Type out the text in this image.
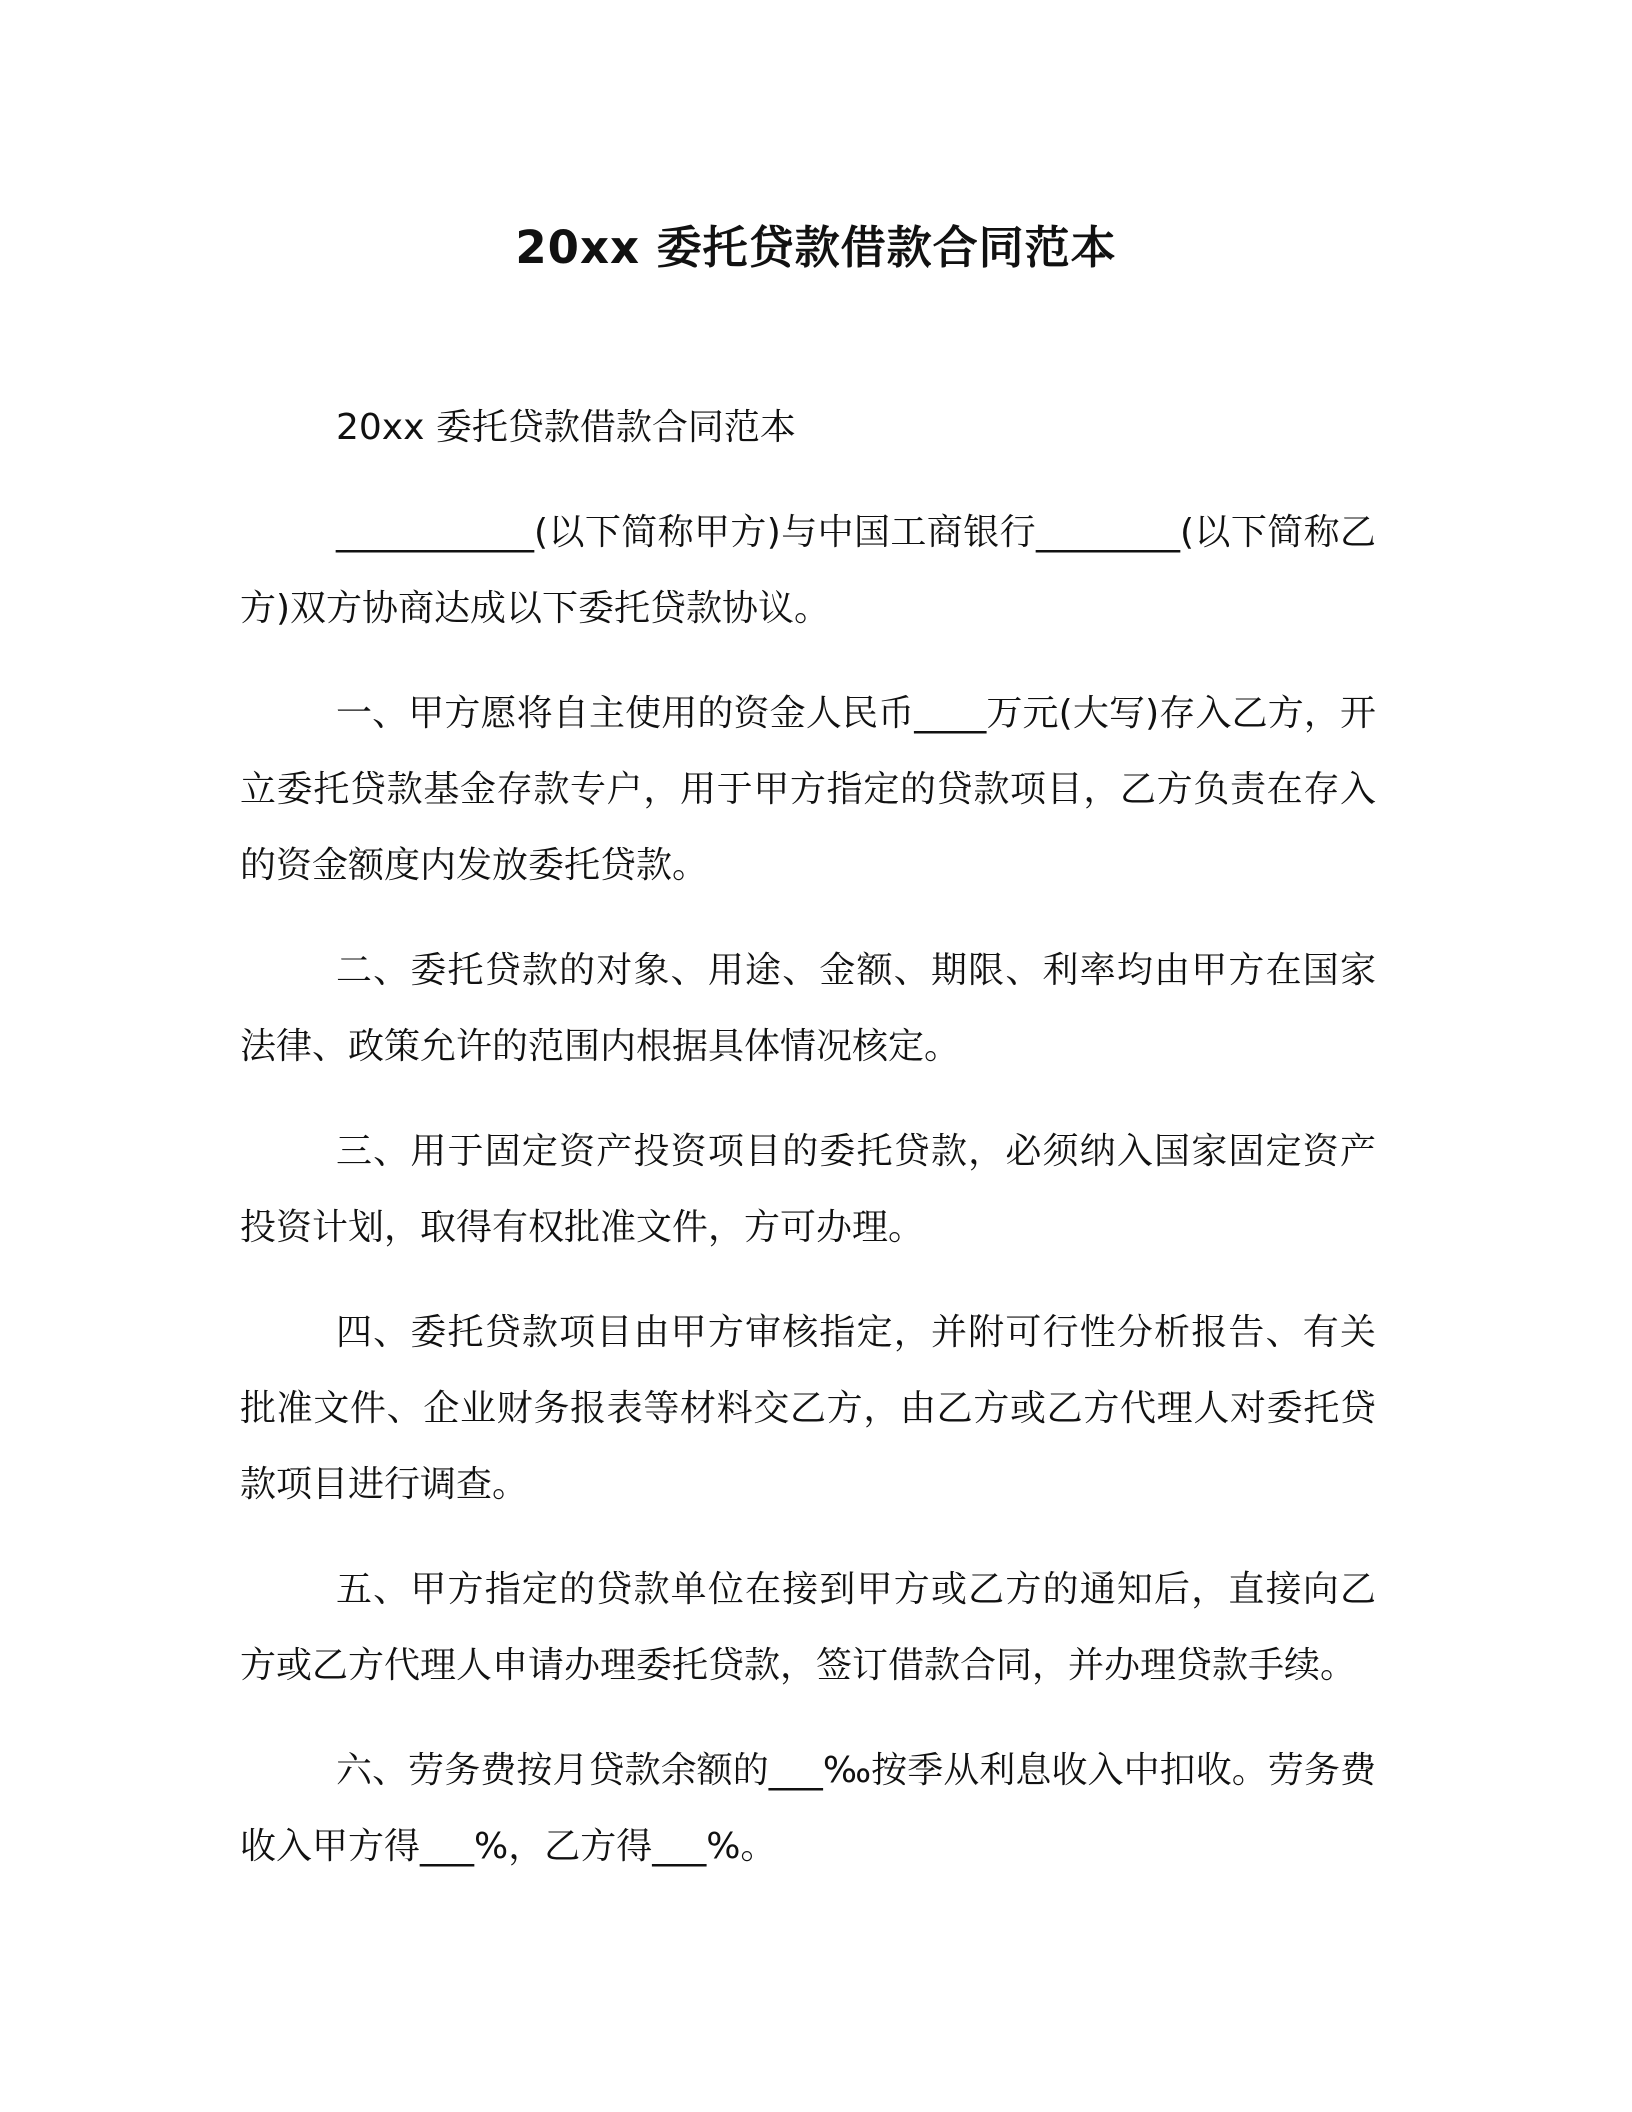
20xx 委托贷款借款合同范本

20xx 委托贷款借款合同范本

___________(以下简称甲方)与中国工商银行________(以下简称乙方)双方协商达成以下委托贷款协议。

一、甲方愿将自主使用的资金人民币____万元(大写)存入乙方，开立委托贷款基金存款专户，用于甲方指定的贷款项目，乙方负责在存入的资金额度内发放委托贷款。

二、委托贷款的对象、用途、金额、期限、利率均由甲方在国家法律、政策允许的范围内根据具体情况核定。

三、用于固定资产投资项目的委托贷款，必须纳入国家固定资产投资计划，取得有权批准文件，方可办理。

四、委托贷款项目由甲方审核指定，并附可行性分析报告、有关批准文件、企业财务报表等材料交乙方，由乙方或乙方代理人对委托贷款项目进行调查。

五、甲方指定的贷款单位在接到甲方或乙方的通知后，直接向乙方或乙方代理人申请办理委托贷款，签订借款合同，并办理贷款手续。

六、劳务费按月贷款余额的___‰按季从利息收入中扣收。劳务费收入甲方得___%，乙方得___%。
